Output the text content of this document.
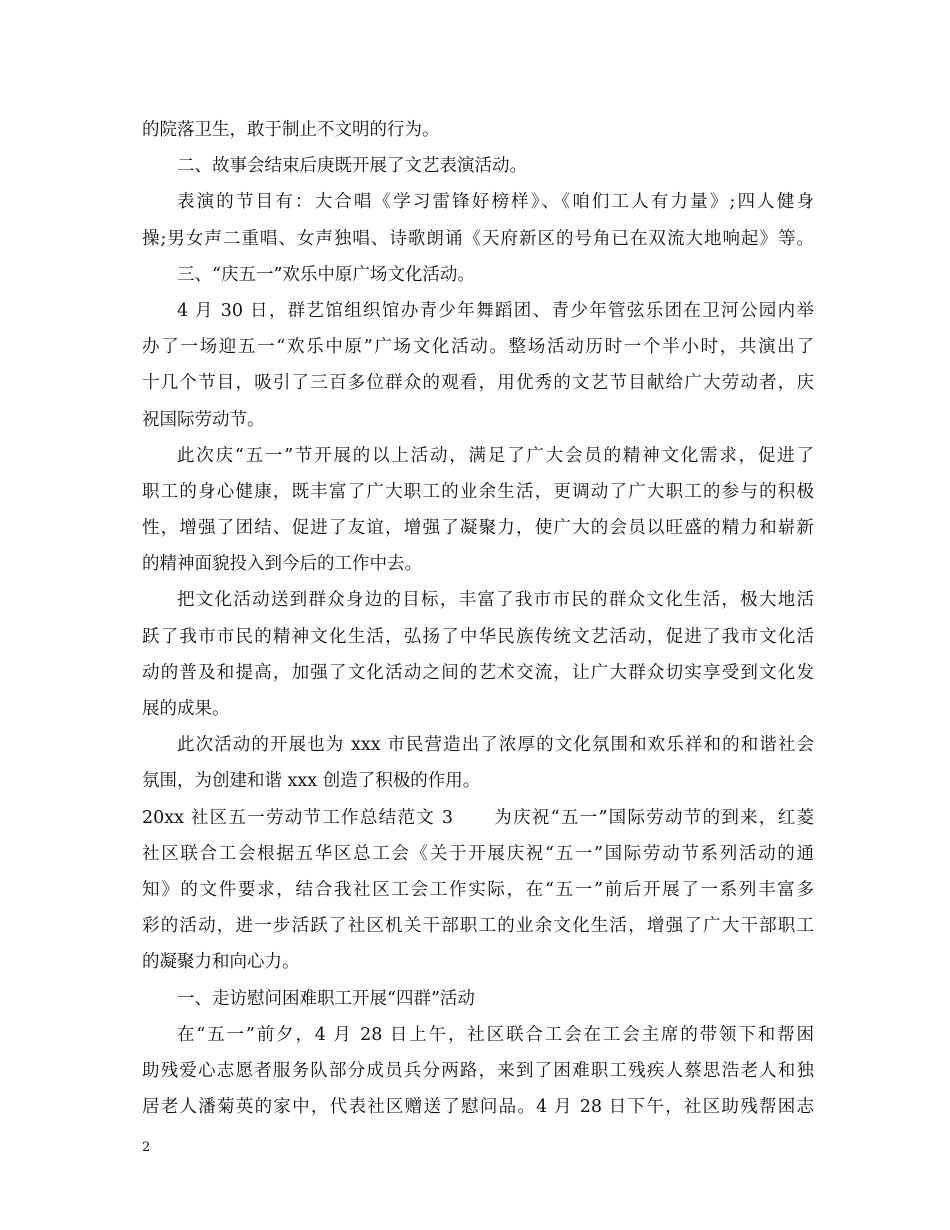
的院落卫生，敢于制止不文明的行为。
二、故事会结束后庚既开展了文艺表演活动。
表演的节目有：大合唱《学习雷锋好榜样》、《咱们工人有力量》;四人健身
操;男女声二重唱、女声独唱、诗歌朗诵《天府新区的号角已在双流大地响起》等。
三、“庆五一”欢乐中原广场文化活动。
4 月 30 日，群艺馆组织馆办青少年舞蹈团、青少年管弦乐团在卫河公园内举
办了一场迎五一“欢乐中原”广场文化活动。整场活动历时一个半小时，共演出了
十几个节目，吸引了三百多位群众的观看，用优秀的文艺节目献给广大劳动者，庆
祝国际劳动节。
此次庆“五一”节开展的以上活动，满足了广大会员的精神文化需求，促进了
职工的身心健康，既丰富了广大职工的业余生活，更调动了广大职工的参与的积极
性，增强了团结、促进了友谊，增强了凝聚力，使广大的会员以旺盛的精力和崭新
的精神面貌投入到今后的工作中去。
把文化活动送到群众身边的目标，丰富了我市市民的群众文化生活，极大地活
跃了我市市民的精神文化生活，弘扬了中华民族传统文艺活动，促进了我市文化活
动的普及和提高，加强了文化活动之间的艺术交流，让广大群众切实享受到文化发
展的成果。
此次活动的开展也为 xxx 市民营造出了浓厚的文化氛围和欢乐祥和的和谐社会
氛围，为创建和谐 xxx 创造了积极的作用。
20xx 社区五一劳动节工作总结范文 3 为庆祝“五一”国际劳动节的到来，红菱
社区联合工会根据五华区总工会《关于开展庆祝“五一”国际劳动节系列活动的通
知》的文件要求，结合我社区工会工作实际，在“五一”前后开展了一系列丰富多
彩的活动，进一步活跃了社区机关干部职工的业余文化生活，增强了广大干部职工
的凝聚力和向心力。
一、走访慰问困难职工开展“四群”活动
在“五一”前夕，4 月 28 日上午，社区联合工会在工会主席的带领下和帮困
助残爱心志愿者服务队部分成员兵分两路，来到了困难职工残疾人蔡思浩老人和独
居老人潘菊英的家中，代表社区赠送了慰问品。4 月 28 日下午，社区助残帮困志
2
